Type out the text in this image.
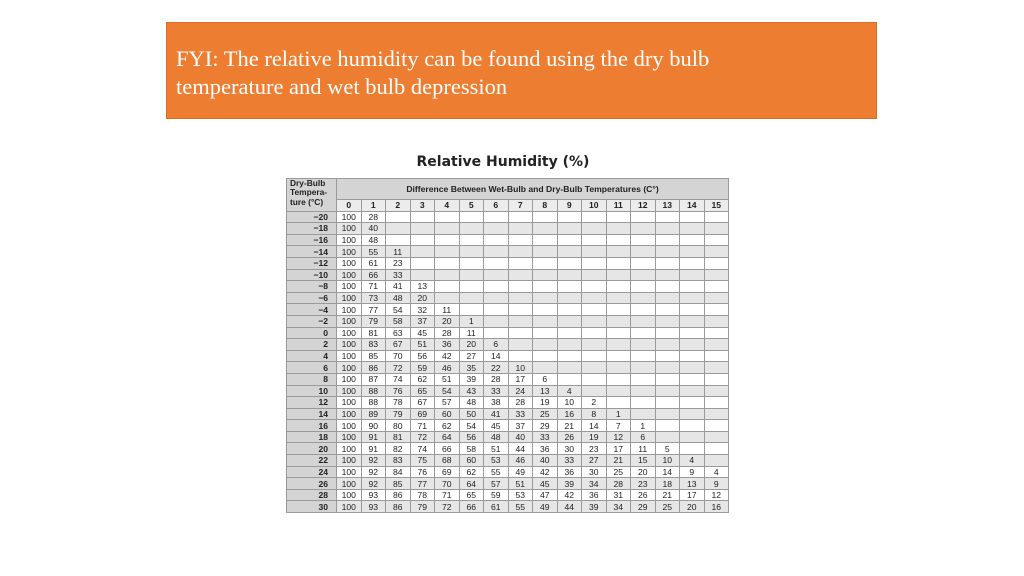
FYI: The relative humidity can be found using the dry bulb temperature and wet bulb depression

Relative Humidity (%)
Dry-Bulb Tempera-ture (°C)	Difference Between Wet-Bulb and Dry-Bulb Temperatures (C°)															
	0	1	2	3	4	5	6	7	8	9	10	11	12	13	14	15
−20	100	28														
−18	100	40														
−16	100	48														
−14	100	55	11													
−12	100	61	23													
−10	100	66	33													
−8	100	71	41	13												
−6	100	73	48	20												
−4	100	77	54	32	11											
−2	100	79	58	37	20	1										
0	100	81	63	45	28	11										
2	100	83	67	51	36	20	6									
4	100	85	70	56	42	27	14									
6	100	86	72	59	46	35	22	10								
8	100	87	74	62	51	39	28	17	6							
10	100	88	76	65	54	43	33	24	13	4						
12	100	88	78	67	57	48	38	28	19	10	2					
14	100	89	79	69	60	50	41	33	25	16	8	1				
16	100	90	80	71	62	54	45	37	29	21	14	7	1			
18	100	91	81	72	64	56	48	40	33	26	19	12	6			
20	100	91	82	74	66	58	51	44	36	30	23	17	11	5		
22	100	92	83	75	68	60	53	46	40	33	27	21	15	10	4	
24	100	92	84	76	69	62	55	49	42	36	30	25	20	14	9	4
26	100	92	85	77	70	64	57	51	45	39	34	28	23	18	13	9
28	100	93	86	78	71	65	59	53	47	42	36	31	26	21	17	12
30	100	93	86	79	72	66	61	55	49	44	39	34	29	25	20	16
